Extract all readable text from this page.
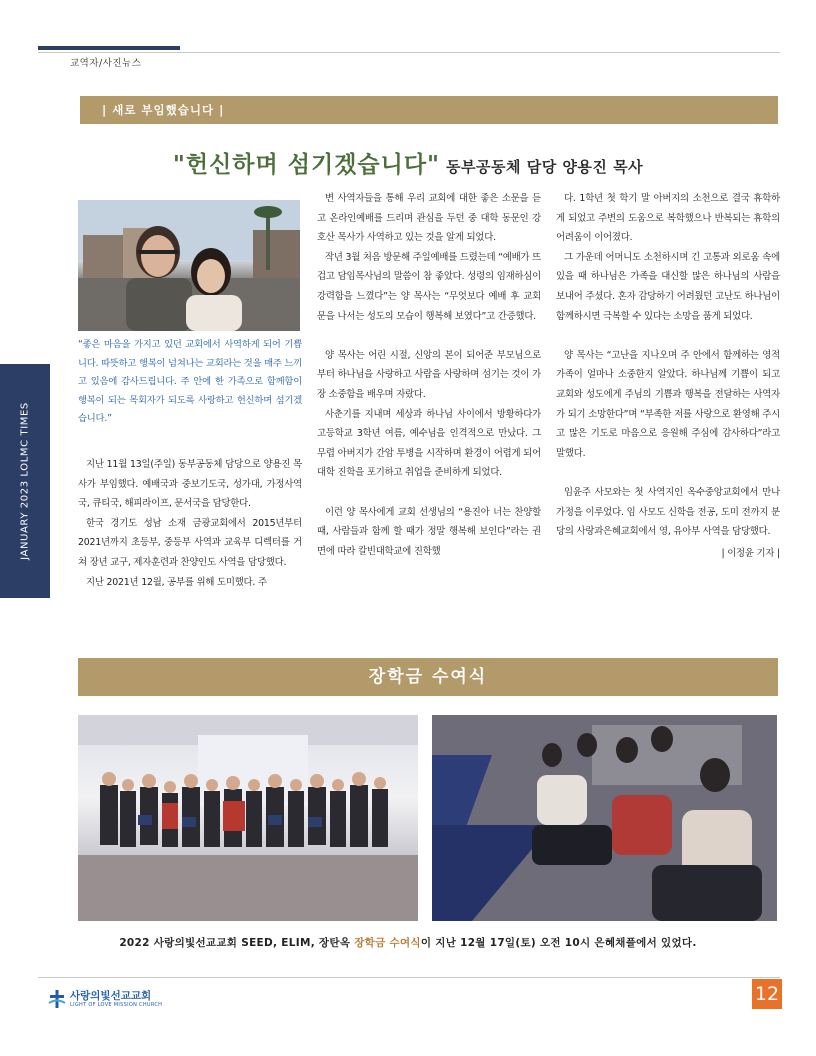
교역자/사진뉴스
| 새로 부임했습니다 |
"헌신하며 섬기겠습니다" 동부공동체 담당 양용진 목사
“좋은 마음을 가지고 있던 교회에서 사역하게 되어 기쁩니다. 따뜻하고 행복이 넘쳐나는 교회라는 것을 매주 느끼고 있음에 감사드립니다. 주 안에 한 가족으로 함께함이 행복이 되는 목회자가 되도록 사랑하고 헌신하며 섬기겠습니다.”

지난 11월 13일(주일) 동부공동체 담당으로 양용진 목사가 부임했다. 예배국과 중보기도국, 성가대, 가정사역국, 큐티국, 해피라이프, 문서국을 담당한다.

한국 경기도 성남 소재 금광교회에서 2015년부터 2021년까지 초등부, 중등부 사역과 교육부 디렉터를 거쳐 장년 교구, 제자훈련과 찬양인도 사역을 담당했다.

지난 2021년 12월, 공부를 위해 도미했다. 주

변 사역자들을 통해 우리 교회에 대한 좋은 소문을 듣고 온라인예배를 드리며 관심을 두던 중 대학 동문인 강호산 목사가 사역하고 있는 것을 알게 되었다.

작년 3월 처음 방문해 주일예배를 드렸는데 “예배가 뜨겁고 담임목사님의 말씀이 참 좋았다. 성령의 임재하심이 강력함을 느꼈다”는 양 목사는 “무엇보다 예배 후 교회 문을 나서는 성도의 모습이 행복해 보였다”고 간증했다.

양 목사는 어린 시절, 신앙의 본이 되어준 부모님으로부터 하나님을 사랑하고 사람을 사랑하며 섬기는 것이 가장 소중함을 배우며 자랐다.

사춘기를 지내며 세상과 하나님 사이에서 방황하다가 고등학교 3학년 여름, 예수님을 인격적으로 만났다. 그 무렵 아버지가 간암 투병을 시작하며 환경이 어렵게 되어 대학 진학을 포기하고 취업을 준비하게 되었다.

이런 양 목사에게 교회 선생님의 “용진아 너는 찬양할 때, 사람들과 함께 할 때가 정말 행복해 보인다”라는 권면에 따라 칼빈대학교에 진학했

다. 1학년 첫 학기 말 아버지의 소천으로 결국 휴학하게 되었고 주변의 도움으로 복학했으나 반복되는 휴학의 어려움이 이어졌다.

그 가운데 어머니도 소천하시며 긴 고통과 외로움 속에 있을 때 하나님은 가족을 대신할 많은 하나님의 사람을 보내어 주셨다. 혼자 감당하기 어려웠던 고난도 하나님이 함께하시면 극복할 수 있다는 소망을 품게 되었다.

양 목사는 “고난을 지나오며 주 안에서 함께하는 영적 가족이 얼마나 소중한지 알았다. 하나님께 기쁨이 되고 교회와 성도에게 주님의 기쁨과 행복을 전달하는 사역자가 되기 소망한다”며 “부족한 저를 사랑으로 환영해 주시고 많은 기도로 마음으로 응원해 주심에 감사하다”라고 말했다.

임윤주 사모와는 첫 사역지인 옥수중앙교회에서 만나 가정을 이루었다. 임 사모도 신학을 전공, 도미 전까지 분당의 사랑과은혜교회에서 영, 유아부 사역을 담당했다.

| 이정윤 기자 |
장학금 수여식
2022 사랑의빛선교교회 SEED, ELIM, 장탄옥 장학금 수여식이 지난 12월 17일(토) 오전 10시 은혜채플에서 있었다.
사랑의빛선교교회
LIGHT OF LOVE MISSION CHURCH	12
JANUARY 2023 LOLMC TIMES
